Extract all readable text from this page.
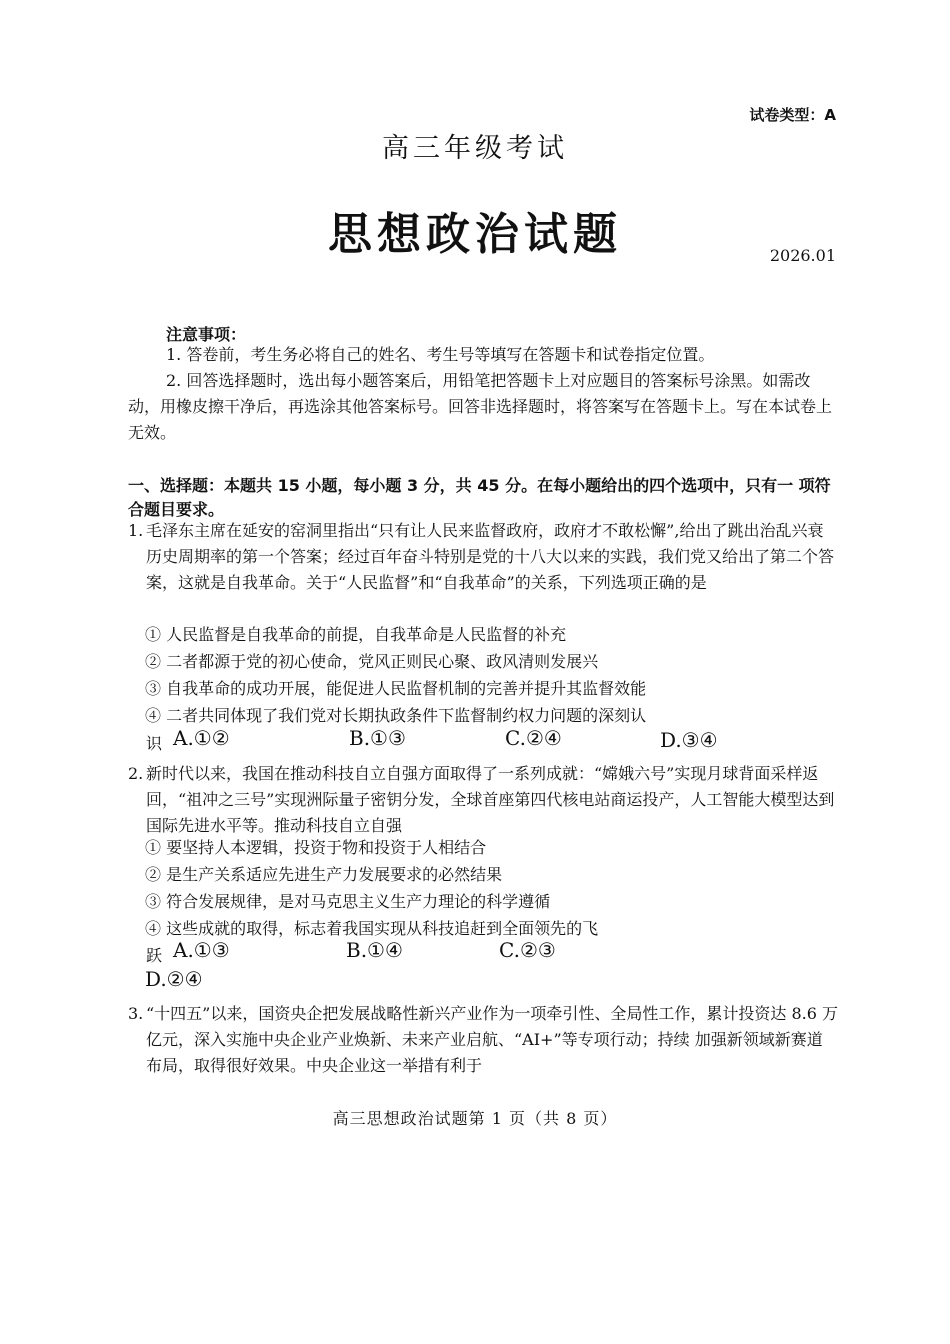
试卷类型：A
高三年级考试
思想政治试题	2026.01
注意事项：
1. 答卷前，考生务必将自己的姓名、考生号等填写在答题卡和试卷指定位置。
2. 回答选择题时，选出每小题答案后，用铅笔把答题卡上对应题目的答案标号涂黑。如需改动，用橡皮擦干净后，再选涂其他答案标号。回答非选择题时，将答案写在答题卡上。写在本试卷上无效。
一、选择题：本题共 15 小题，每小题 3 分，共 45 分。在每小题给出的四个选项中，只有一 项符合题目要求。
1. 毛泽东主席在延安的窑洞里指出“只有让人民来监督政府，政府才不敢松懈”,给出了跳出治乱兴衰历史周期率的第一个答案；经过百年奋斗特别是党的十八大以来的实践，我们党又给出了第二个答案，这就是自我革命。关于“人民监督”和“自我革命”的关系，下列选项正确的是
① 人民监督是自我革命的前提，自我革命是人民监督的补充
② 二者都源于党的初心使命，党风正则民心聚、政风清则发展兴
③ 自我革命的成功开展，能促进人民监督机制的完善并提升其监督效能
④ 二者共同体现了我们党对长期执政条件下监督制约权力问题的深刻认
识 A.①②	B.①③	C.②④	D.③④
2. 新时代以来，我国在推动科技自立自强方面取得了一系列成就：“嫦娥六号”实现月球背面采样返回，“祖冲之三号”实现洲际量子密钥分发，全球首座第四代核电站商运投产，人工智能大模型达到国际先进水平等。推动科技自立自强
① 要坚持人本逻辑，投资于物和投资于人相结合
② 是生产关系适应先进生产力发展要求的必然结果
③ 符合发展规律，是对马克思主义生产力理论的科学遵循
④ 这些成就的取得，标志着我国实现从科技追赶到全面领先的飞
跃 A.①③	B.①④	C.②③
D.②④
3. “十四五”以来，国资央企把发展战略性新兴产业作为一项牵引性、全局性工作，累计投资达 8.6 万亿元，深入实施中央企业产业焕新、未来产业启航、“AI+”等专项行动；持续 加强新领域新赛道布局，取得很好效果。中央企业这一举措有利于
高三思想政治试题第 1 页（共 8 页）
